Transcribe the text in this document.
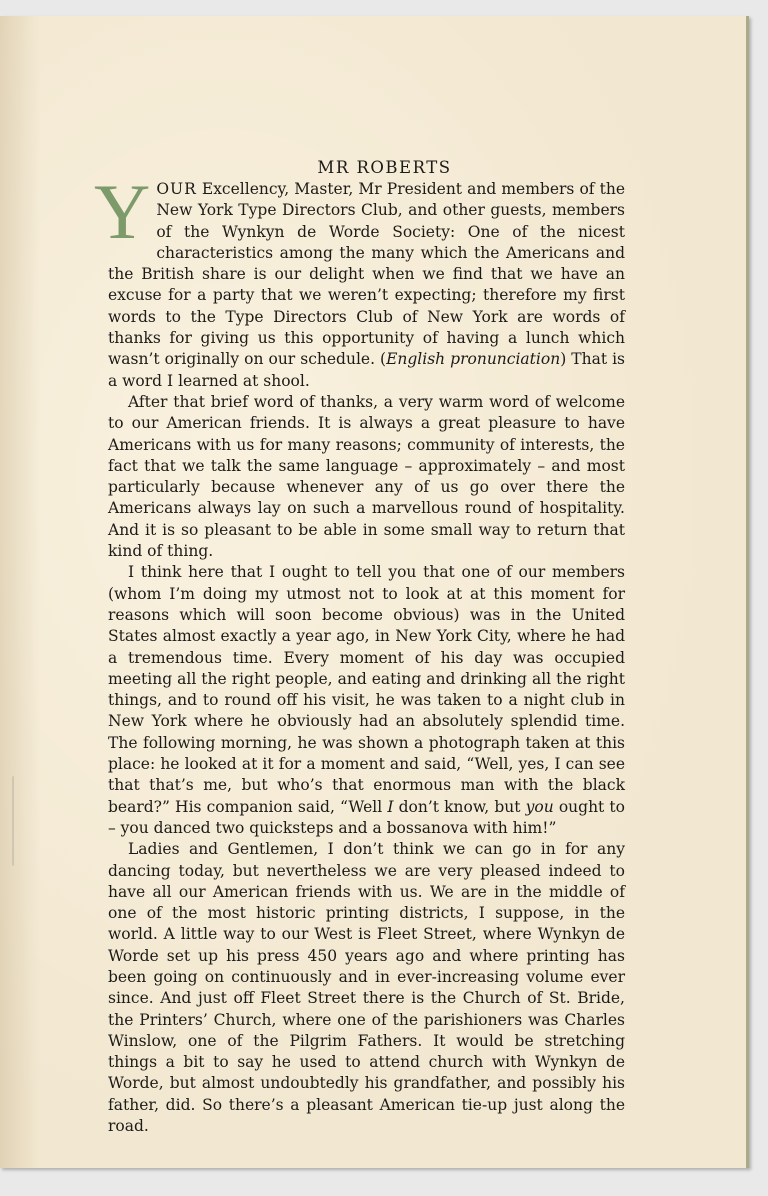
MR ROBERTS

YOUR Excellency, Master, Mr President and members of the New York Type Directors Club, and other guests, members of the Wynkyn de Worde Society: One of the nicest characteristics among the many which the Americans and the British share is our delight when we find that we have an excuse for a party that we weren’t expecting; therefore my first words to the Type Directors Club of New York are words of thanks for giving us this opportunity of having a lunch which wasn’t originally on our schedule. (English pronunciation) That is a word I learned at shool.

After that brief word of thanks, a very warm word of welcome to our American friends. It is always a great pleasure to have Americans with us for many reasons; community of interests, the fact that we talk the same language – approximately – and most particularly because whenever any of us go over there the Americans always lay on such a marvellous round of hospitality. And it is so pleasant to be able in some small way to return that kind of thing.

I think here that I ought to tell you that one of our members (whom I’m doing my utmost not to look at at this moment for reasons which will soon become obvious) was in the United States almost exactly a year ago, in New York City, where he had a tremendous time. Every moment of his day was occupied meeting all the right people, and eating and drinking all the right things, and to round off his visit, he was taken to a night club in New York where he obviously had an absolutely splendid time. The following morning, he was shown a photograph taken at this place: he looked at it for a moment and said, “Well, yes, I can see that that’s me, but who’s that enormous man with the black beard?” His companion said, “Well I don’t know, but you ought to – you danced two quicksteps and a bossanova with him!”

Ladies and Gentlemen, I don’t think we can go in for any dancing today, but nevertheless we are very pleased indeed to have all our American friends with us. We are in the middle of one of the most historic printing districts, I suppose, in the world. A little way to our West is Fleet Street, where Wynkyn de Worde set up his press 450 years ago and where printing has been going on continuously and in ever-increasing volume ever since. And just off Fleet Street there is the Church of St. Bride, the Printers’ Church, where one of the parishioners was Charles Winslow, one of the Pilgrim Fathers. It would be stretching things a bit to say he used to attend church with Wynkyn de Worde, but almost undoubtedly his grandfather, and possibly his father, did. So there’s a pleasant American tie-up just along the road.
